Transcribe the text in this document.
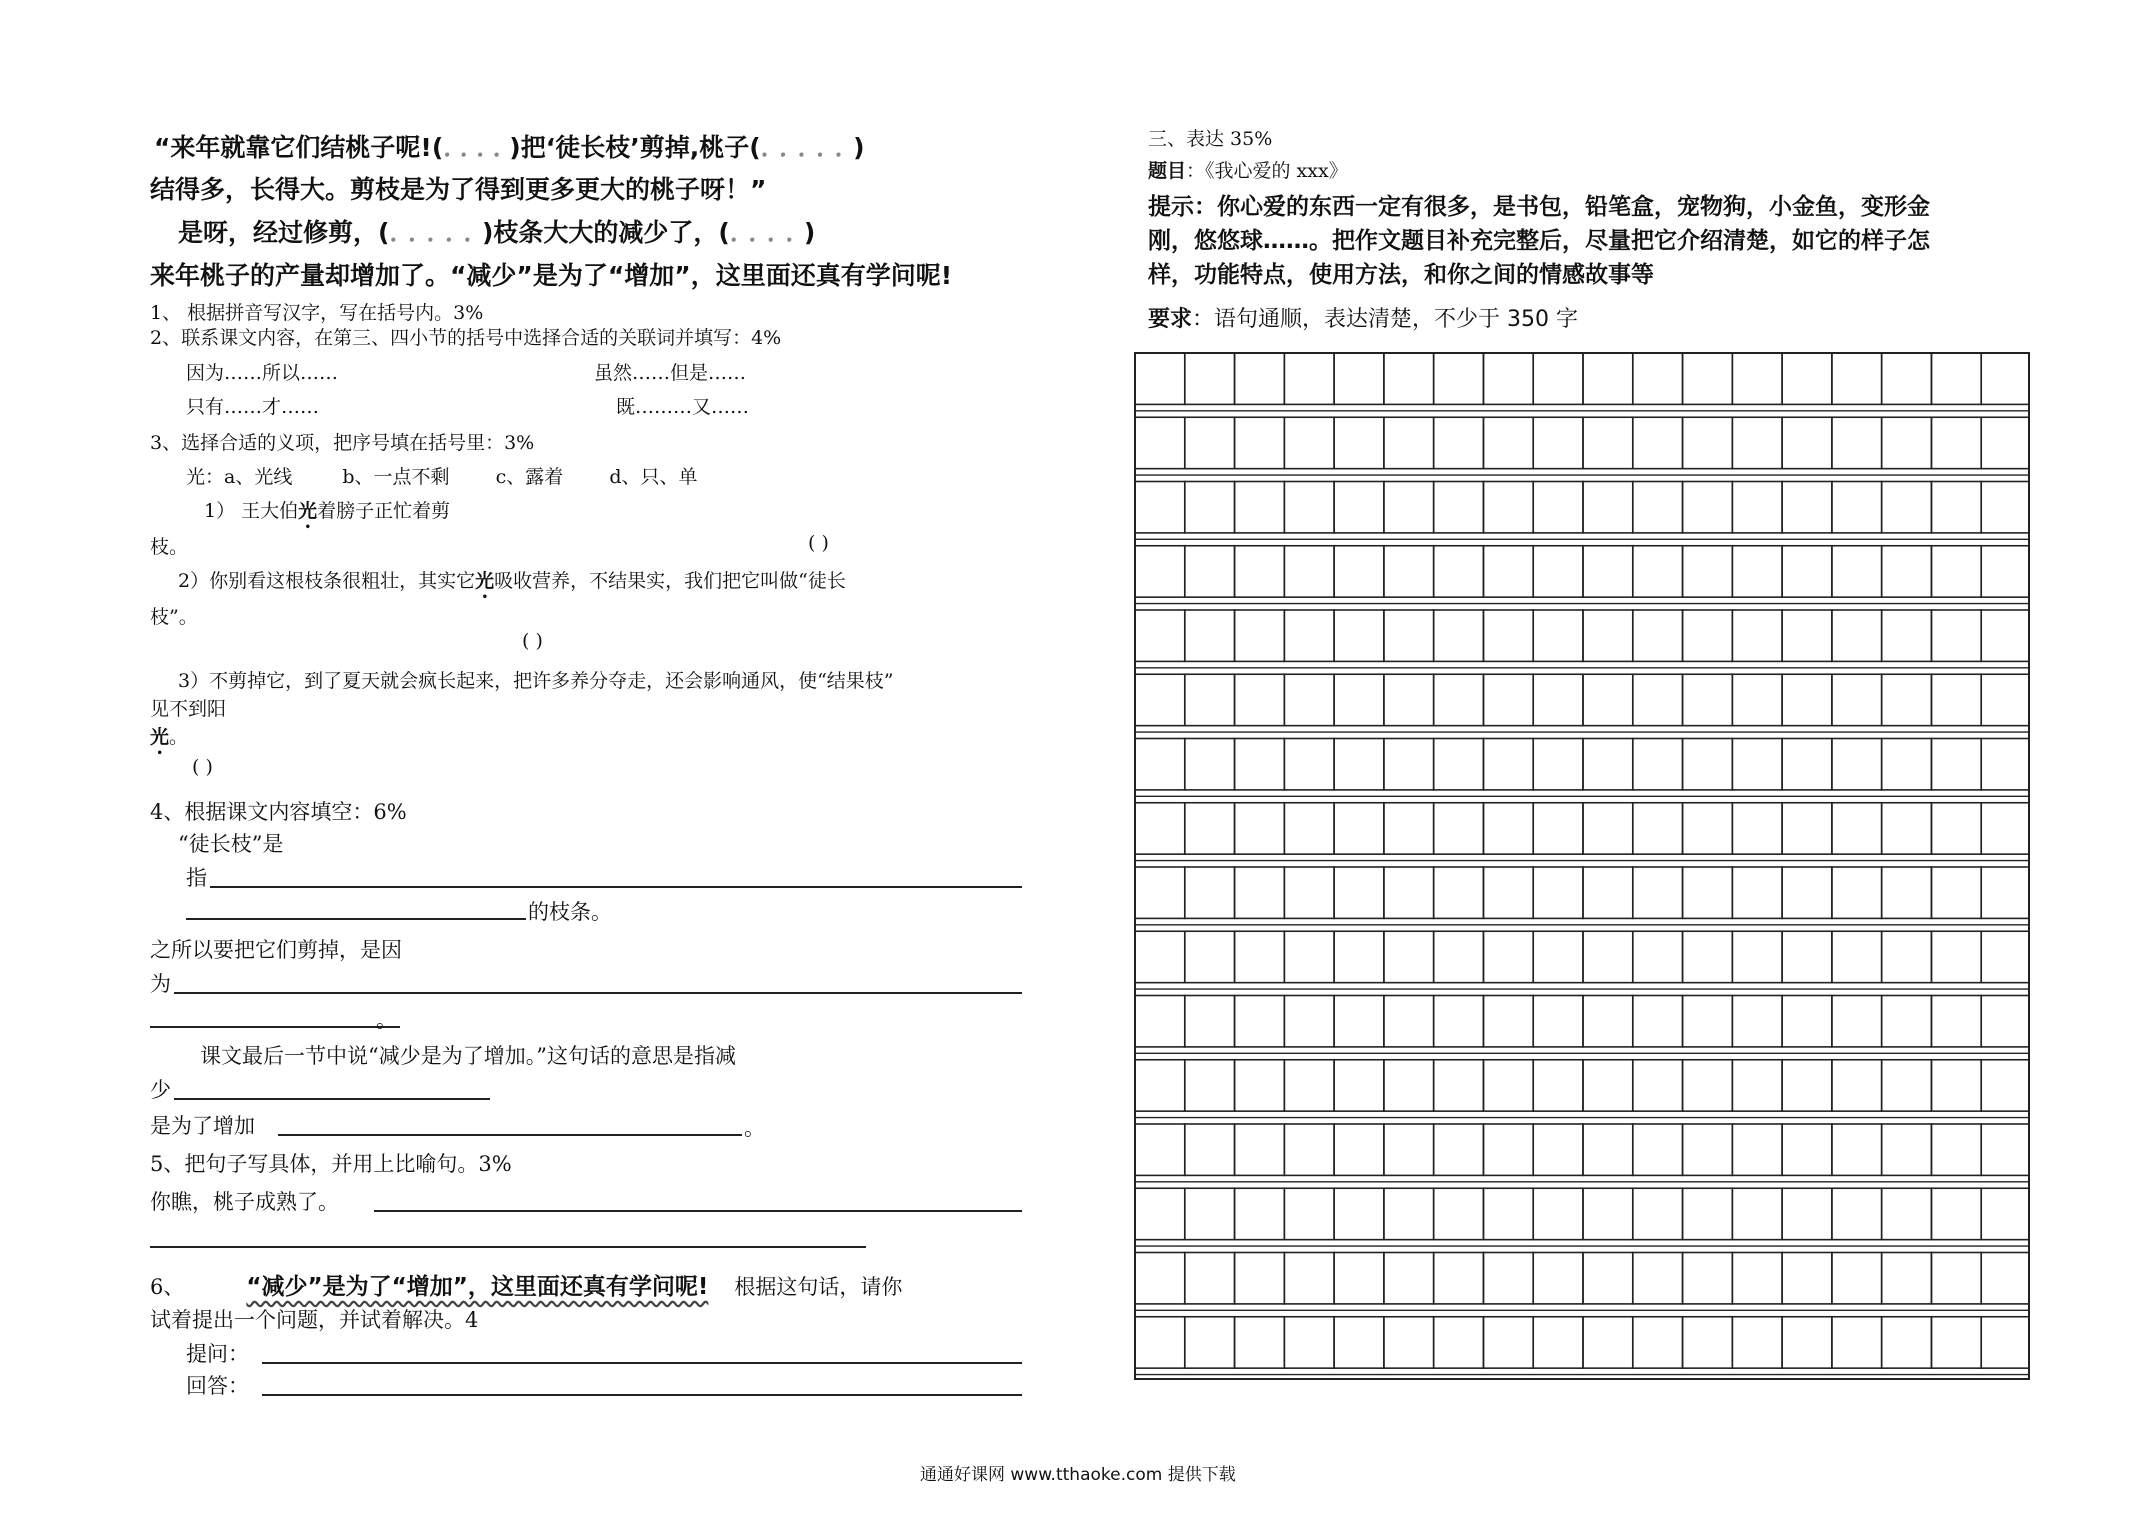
“来年就靠它们结桃子呢!(．．．．)把‘徒长枝’剪掉,桃子(．．．．．)
结得多，长得大。剪枝是为了得到更多更大的桃子呀！”
是呀，经过修剪，(．．．．．)枝条大大的减少了，(．．．．)
来年桃子的产量却增加了。“减少”是为了“增加”，这里面还真有学问呢!
1、 根据拼音写汉字，写在括号内。3%
2、联系课文内容，在第三、四小节的括号中选择合适的关联词并填写：4%
因为……所以……	虽然……但是……
只有……才……	既………又……
3、选择合适的义项，把序号填在括号里：3%
光：a、光线	b、一点不剩 c、露着 d、只、单
1） 王大伯光着膀子正忙着剪
枝。	( )
2）你别看这根枝条很粗壮，其实它光吸收营养，不结果实，我们把它叫做“徒长
枝”。
( )
3）不剪掉它，到了夏天就会疯长起来，把许多养分夺走，还会影响通风，使“结果枝”
见不到阳
光。
( )
4、根据课文内容填空：6%
“徒长枝”是
指
的枝条。
之所以要把它们剪掉，是因
为
。
课文最后一节中说“减少是为了增加。”这句话的意思是指减
少
是为了增加	。
5、把句子写具体，并用上比喻句。3%
你瞧，桃子成熟了。
6、	“减少”是为了“增加”，这里面还真有学问呢! 根据这句话，请你
试着提出一个问题，并试着解决。4
提问：
回答：
三、表达 35%
题目：《我心爱的 xxx》
提示：你心爱的东西一定有很多，是书包，铅笔盒，宠物狗，小金鱼，变形金
刚，悠悠球……。把作文题目补充完整后，尽量把它介绍清楚，如它的样子怎
样，功能特点，使用方法，和你之间的情感故事等
要求：语句通顺，表达清楚，不少于 350 字
通通好课网 www.tthaoke.com 提供下载
